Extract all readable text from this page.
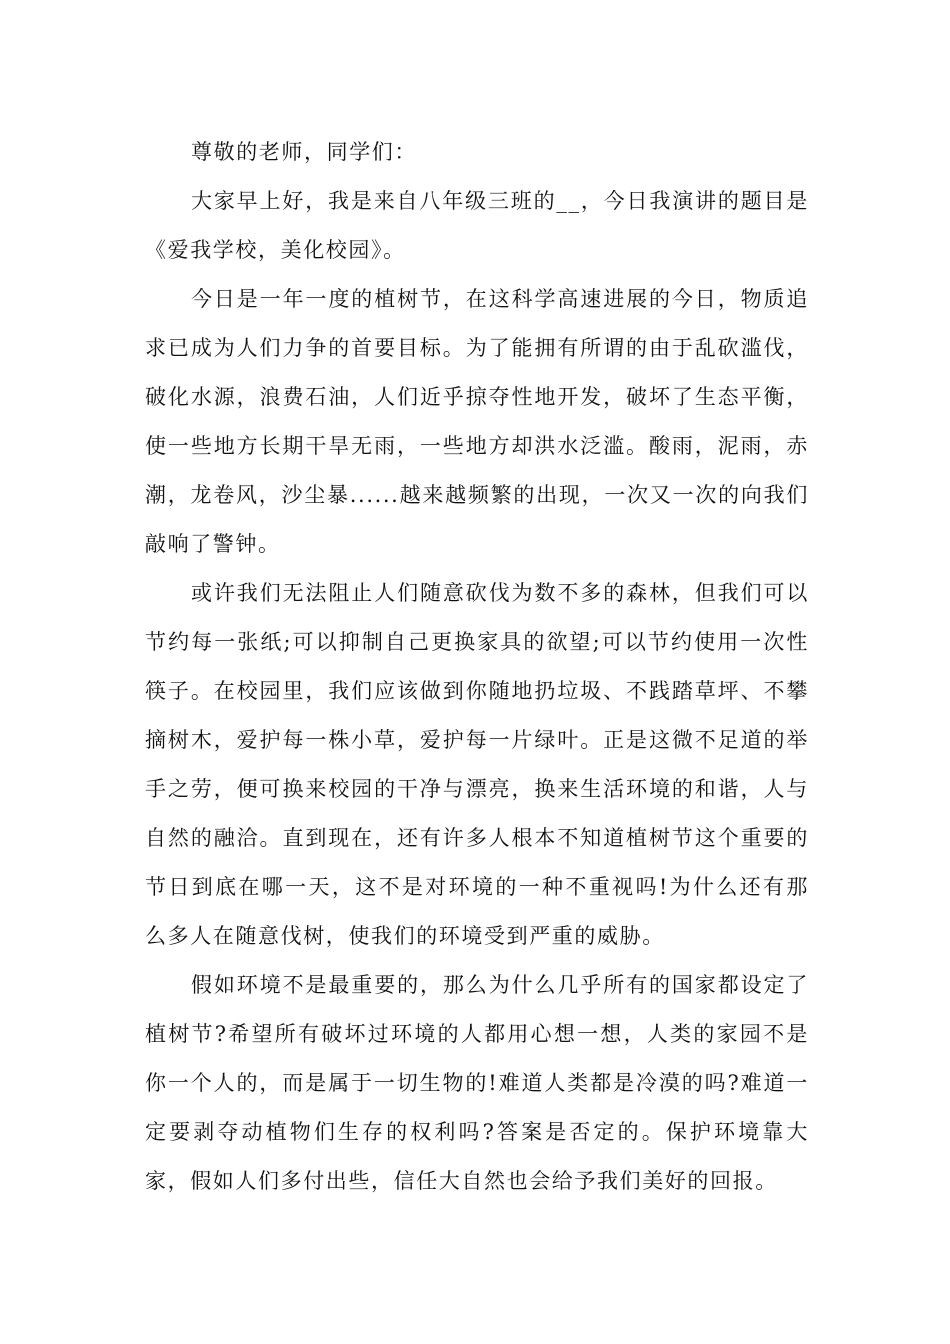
尊敬的老师，同学们：

大家早上好，我是来自八年级三班的__，今日我演讲的题目是《爱我学校，美化校园》。

今日是一年一度的植树节，在这科学高速进展的今日，物质追求已成为人们力争的首要目标。为了能拥有所谓的由于乱砍滥伐，破化水源，浪费石油，人们近乎掠夺性地开发，破坏了生态平衡，使一些地方长期干旱无雨，一些地方却洪水泛滥。酸雨，泥雨，赤潮，龙卷风，沙尘暴......越来越频繁的出现，一次又一次的向我们敲响了警钟。

或许我们无法阻止人们随意砍伐为数不多的森林，但我们可以节约每一张纸;可以抑制自己更换家具的欲望;可以节约使用一次性筷子。在校园里，我们应该做到你随地扔垃圾、不践踏草坪、不攀摘树木，爱护每一株小草，爱护每一片绿叶。正是这微不足道的举手之劳，便可换来校园的干净与漂亮，换来生活环境的和谐，人与自然的融洽。直到现在，还有许多人根本不知道植树节这个重要的节日到底在哪一天，这不是对环境的一种不重视吗!为什么还有那么多人在随意伐树，使我们的环境受到严重的威胁。

假如环境不是最重要的，那么为什么几乎所有的国家都设定了植树节?希望所有破坏过环境的人都用心想一想，人类的家园不是你一个人的，而是属于一切生物的!难道人类都是冷漠的吗?难道一定要剥夺动植物们生存的权利吗?答案是否定的。保护环境靠大家，假如人们多付出些，信任大自然也会给予我们美好的回报。
